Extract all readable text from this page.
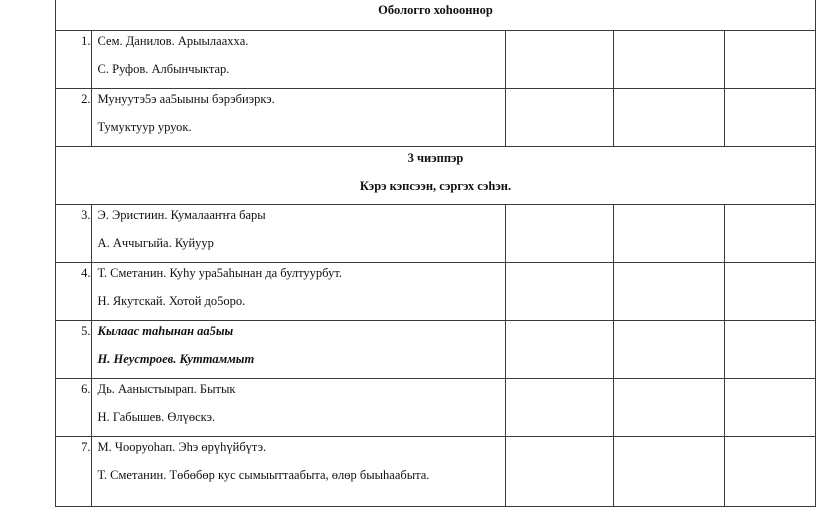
Обологго хоһооннор				

1.	Сем. Данилов. Арыылааххa.
С. Руфов. Албынчыктар.			

2.	Мунуутэ5э аа5ыыны бэрэбиэркэ.
Тумуктуур уруок.			

3 чиэппэр
Кэрэ кэпсээн, сэргэх сэһэн.				

3.	Э. Эристиин. Кумалааҥҥа бары
А. Аччыгыйа. Куйуур			

4.	Т. Сметанин. Куһу ура5аһынан да бултуурбут.
Н. Якутскай. Хотой до5оро.			

5.	Кылаас таһынан аа5ыы
Н. Неустроев. Куттаммыт			

6.	Дь. Ааныстыырап. Бытык
Н. Габышев. Өлүөскэ.			

7.	М. Чооруоһап. Эһэ өрүһүйбүтэ.
Т. Сметанин. Төбөбөр кус сымыыттаабыта, өлөр быыһаабыта.			
